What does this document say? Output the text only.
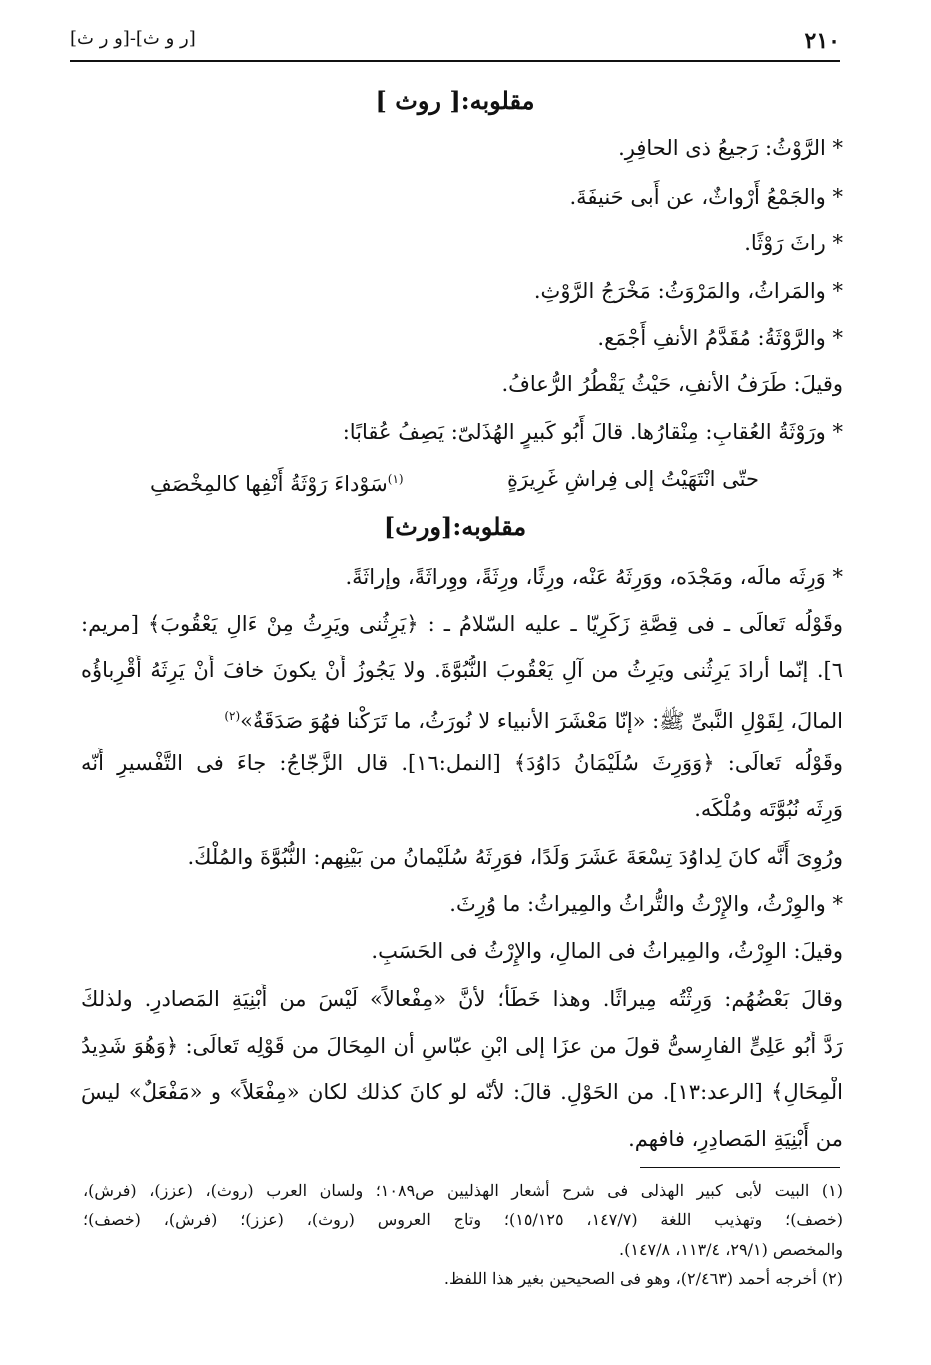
٢١٠
[ر و ث]-[و ر ث]
مقلوبه:[ روث ]
* الرَّوْثُ: رَجيعُ ذى الحافِرِ.
* والجَمْعُ أَرْواثٌ، عن أَبى حَنيفَةَ.
* راثَ رَوْثًا.
* والمَراثُ، والمَرْوَثُ: مَخْرَجُ الرَّوْثِ.
* والرَّوْثَةُ: مُقَدَّمُ الأنفِ أَجْمَع.
وقيلَ: طَرَفُ الأنفِ، حَيْثُ يَقْطُرُ الرُّعافُ.
* ورَوْثَةُ العُقابِ: مِنْقارُها. قالَ أَبُو كَبيرٍ الهُذَلىّ: يَصِفُ عُقابًا:
حتّى انْتَهَيْتُ إلى فِراشِ غَرِيرَةٍ
$^{(١)}$سَوْداءَ رَوْثَةُ أَنْفِها كالمِخْصَفِ
مقلوبه:[ورث]
* وَرِثَه مالَه، ومَجْدَه، ووَرِثَهُ عَنْه، ورِثًا، ورِثَةً، ووِراثَةً، وإراثَةً.
وقَوْلُه تَعالَى ـ فى قِصَّةِ زَكَرِيّا ـ عليه السّلامُ ـ : ﴿يَرِثُنى ويَرِثُ مِنْ ءَالِ يَعْقُوبَ﴾ [مريم:
٦]. إنّما أرادَ يَرِثُنى ويَرِثُ من آلِ يَعْقُوبَ النُّبُوَّةَ. ولا يَجُوزُ أَنْ يكونَ خافَ أَنْ يَرِثَهُ أَقْرِباؤُه
المالَ، لِقَوْلِ النَّبىِّ ﷺ: «إنّا مَعْشَرَ الأنبياء لا نُورَثُ، ما تَرَكْنا فهُوَ صَدَقَةٌ»$^{(٢)}$
وقَوْلُه تَعالَى: ﴿وَوَرِثَ سُلَيْمَانُ دَاوُدَ﴾ [النمل:١٦]. قال الزَّجّاجُ: جاءَ فى التَّفْسيرِ أَنّه
وَرِثَه نُبُوَّتَه ومُلْكَه.
ورُوِىَ أَنَّه كانَ لِداوُدَ تِسْعَةَ عَشَرَ وَلَدًا، فوَرِثَهُ سُلَيْمانُ من بَيْنِهم: النُّبُوَّةَ والمُلْكَ.
* والوِرْثُ، والإِرْثُ والتُّراثُ والمِيراثُ: ما وُرِثَ.
وقيلَ: الوِرْثُ، والمِيراثُ فى المالِ، والإِرْثُ فى الحَسَبِ.
وقالَ بَعْضُهُم: وَرِثْتُه مِيراثًا. وهذا خَطَأٌ؛ لأنَّ «مِفْعالاً» لَيْسَ من أَبْنِيَةِ المَصادرِ. ولذلكَ
رَدَّ أَبُو عَلِىٍّ الفارِسىُّ قولَ من عزَا إلى ابْنِ عبّاسٍ أن المِحَالَ من قَوْلِه تَعالَى: ﴿وَهُوَ شَدِيدُ
الْمِحَالِ﴾ [الرعد:١٣]. من الحَوْلِ. قالَ: لأنّه لو كانَ كذلك لكان «مِفْعَلاً» و «مَفْعَلٌ» ليسَ
من أَبْنِيَةِ المَصادِرِ، فافهم.
(١) البيت لأبى كبير الهذلى فى شرح أشعار الهذليين ص١٠٨٩؛ ولسان العرب (روث)، (عزز)، (فرش)،
(خصف)؛ وتهذيب اللغة (١٤٧/٧، ١٥/١٢٥)؛ وتاج العروس (روث)، (عزز)؛ (فرش)، (خصف)؛
والمخصص (٢٩/١، ١١٣/٤، ١٤٧/٨).
(٢) أخرجه أحمد (٢/٤٦٣)، وهو فى الصحيحين بغير هذا اللفظ.
